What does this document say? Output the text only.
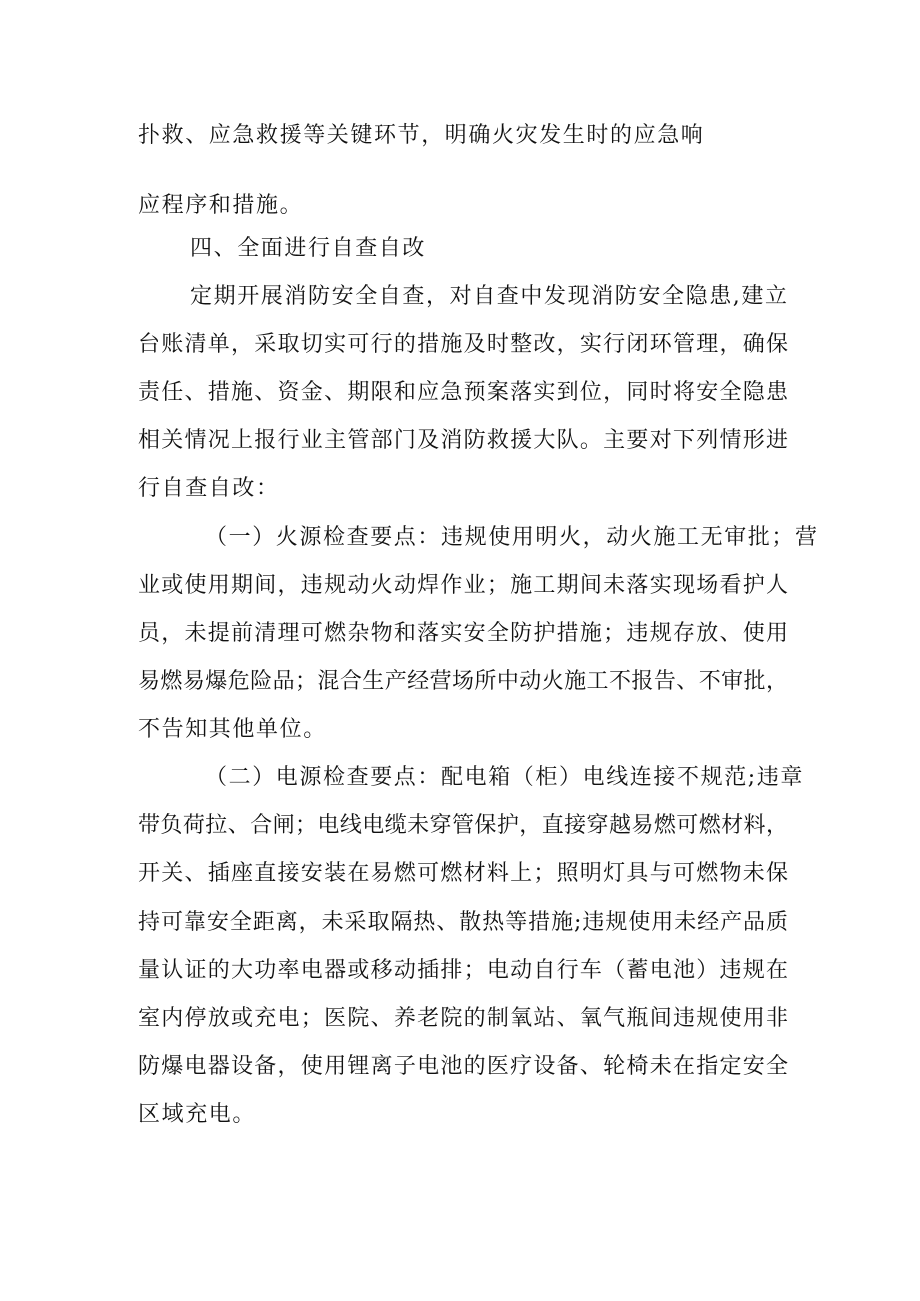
扑救、应急救援等关键环节，明确火灾发生时的应急响
应程序和措施。
四、全面进行自查自改
定期开展消防安全自查，对自查中发现消防安全隐患,建立
台账清单，采取切实可行的措施及时整改，实行闭环管理，确保
责任、措施、资金、期限和应急预案落实到位，同时将安全隐患
相关情况上报行业主管部门及消防救援大队。主要对下列情形进
行自查自改：
（一）火源检查要点：违规使用明火，动火施工无审批；营
业或使用期间，违规动火动焊作业；施工期间未落实现场看护人
员，未提前清理可燃杂物和落实安全防护措施；违规存放、使用
易燃易爆危险品；混合生产经营场所中动火施工不报告、不审批，
不告知其他单位。
（二）电源检查要点：配电箱（柜）电线连接不规范;违章
带负荷拉、合闸；电线电缆未穿管保护，直接穿越易燃可燃材料，
开关、插座直接安装在易燃可燃材料上；照明灯具与可燃物未保
持可靠安全距离，未采取隔热、散热等措施;违规使用未经产品质
量认证的大功率电器或移动插排；电动自行车（蓄电池）违规在
室内停放或充电；医院、养老院的制氧站、氧气瓶间违规使用非
防爆电器设备，使用锂离子电池的医疗设备、轮椅未在指定安全
区域充电。
